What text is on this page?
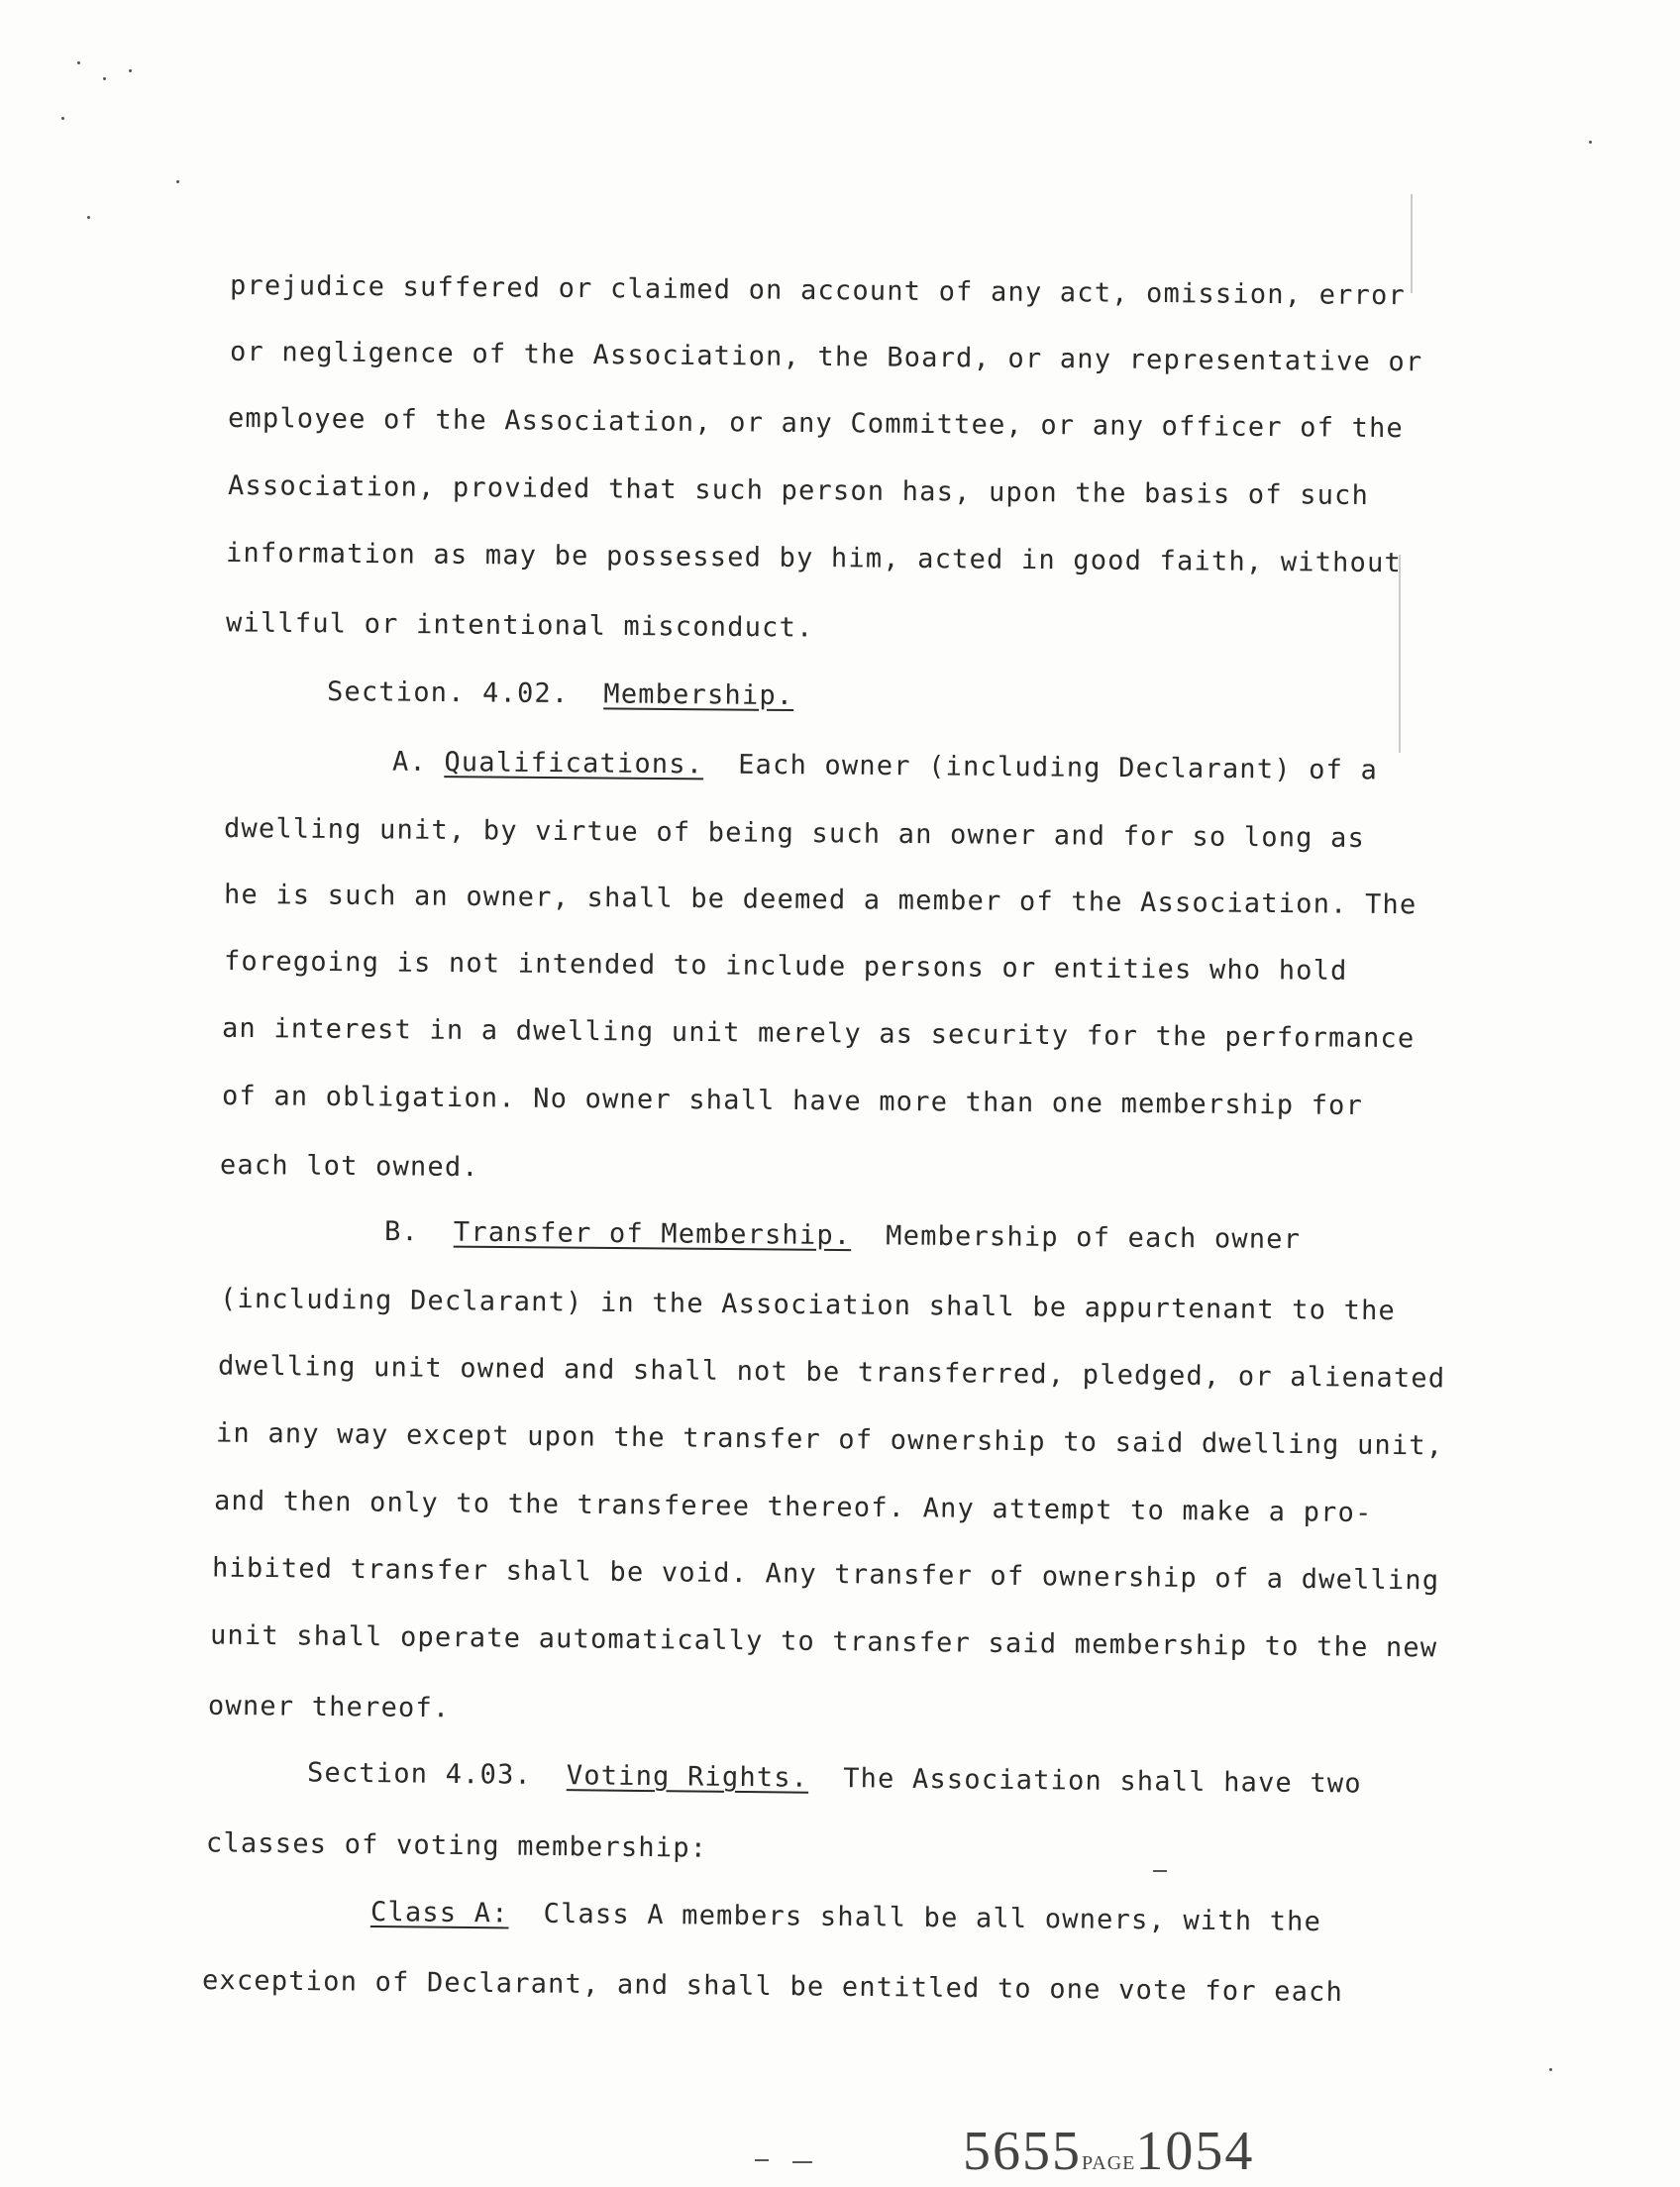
prejudice suffered or claimed on account of any act, omission, error
or negligence of the Association, the Board, or any representative or
employee of the Association, or any Committee, or any officer of the
Association, provided that such person has, upon the basis of such
information as may be possessed by him, acted in good faith, without
willful or intentional misconduct.
Section. 4.02. Membership.
A. Qualifications. Each owner (including Declarant) of a
dwelling unit, by virtue of being such an owner and for so long as
he is such an owner, shall be deemed a member of the Association. The
foregoing is not intended to include persons or entities who hold
an interest in a dwelling unit merely as security for the performance
of an obligation. No owner shall have more than one membership for
each lot owned.
B. Transfer of Membership. Membership of each owner
(including Declarant) in the Association shall be appurtenant to the
dwelling unit owned and shall not be transferred, pledged, or alienated
in any way except upon the transfer of ownership to said dwelling unit,
and then only to the transferee thereof. Any attempt to make a pro-
hibited transfer shall be void. Any transfer of ownership of a dwelling
unit shall operate automatically to transfer said membership to the new
owner thereof.
Section 4.03. Voting Rights. The Association shall have two
classes of voting membership:
Class A: Class A members shall be all owners, with the
exception of Declarant, and shall be entitled to one vote for each
5655PAGE1054
